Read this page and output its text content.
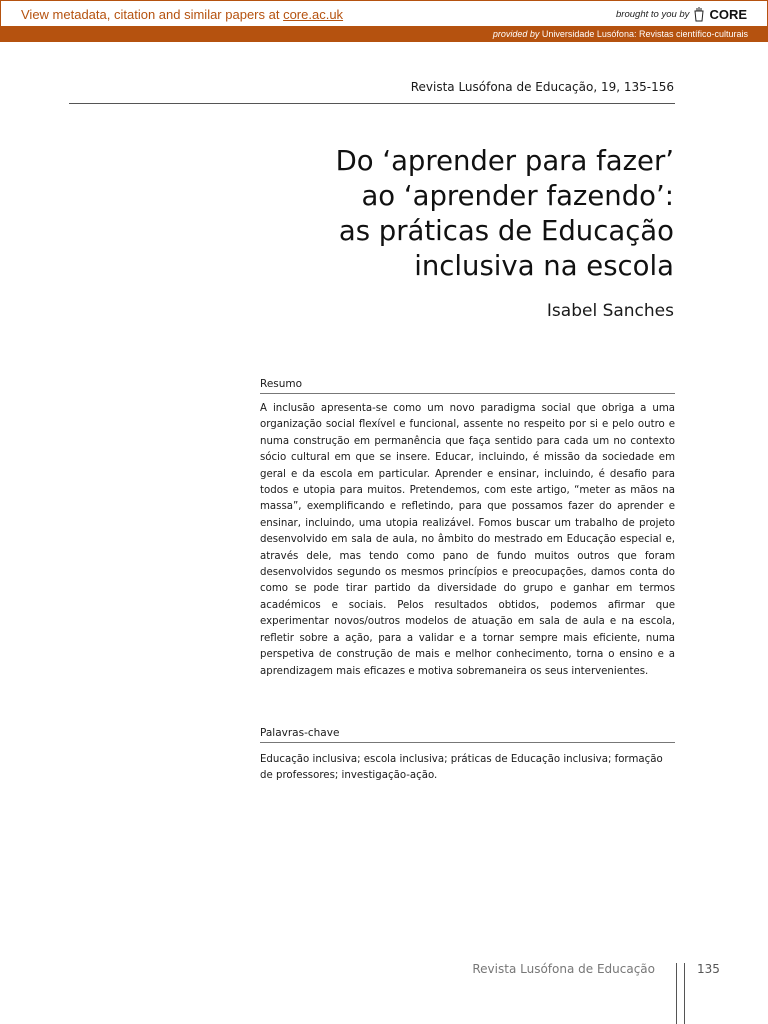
View metadata, citation and similar papers at core.ac.uk	brought to you by CORE
provided by Universidade Lusófona: Revistas científico-culturais
Revista Lusófona de Educação, 19, 135-156
Do ‘aprender para fazer’
ao ‘aprender fazendo’:
as práticas de Educação
inclusiva na escola
Isabel Sanches
Resumo
A inclusão apresenta-se como um novo paradigma social que obriga a uma organização social flexível e funcional, assente no respeito por si e pelo outro e numa construção em permanência que faça sentido para cada um no contexto sócio cultural em que se insere. Educar, incluindo, é missão da sociedade em geral e da escola em particular. Aprender e ensinar, incluindo, é desafio para todos e utopia para muitos. Pretendemos, com este artigo, “meter as mãos na massa”, exemplificando e refletindo, para que possamos fazer do aprender e ensinar, incluindo, uma utopia realizável. Fomos buscar um trabalho de projeto desenvolvido em sala de aula, no âmbito do mestrado em Educação especial e, através dele, mas tendo como pano de fundo muitos outros que foram desenvolvidos segundo os mesmos princípios e preocupações, damos conta do como se pode tirar partido da diversidade do grupo e ganhar em termos académicos e sociais. Pelos resultados obtidos, podemos afirmar que experimentar novos/outros modelos de atuação em sala de aula e na escola, refletir sobre a ação, para a validar e a tornar sempre mais eficiente, numa perspetiva de construção de mais e melhor conhecimento, torna o ensino e a aprendizagem mais eficazes e motiva sobremaneira os seus intervenientes.
Palavras-chave
Educação inclusiva; escola inclusiva; práticas de Educação inclusiva; formação de professores; investigação-ação.
Revista Lusófona de Educação	135
